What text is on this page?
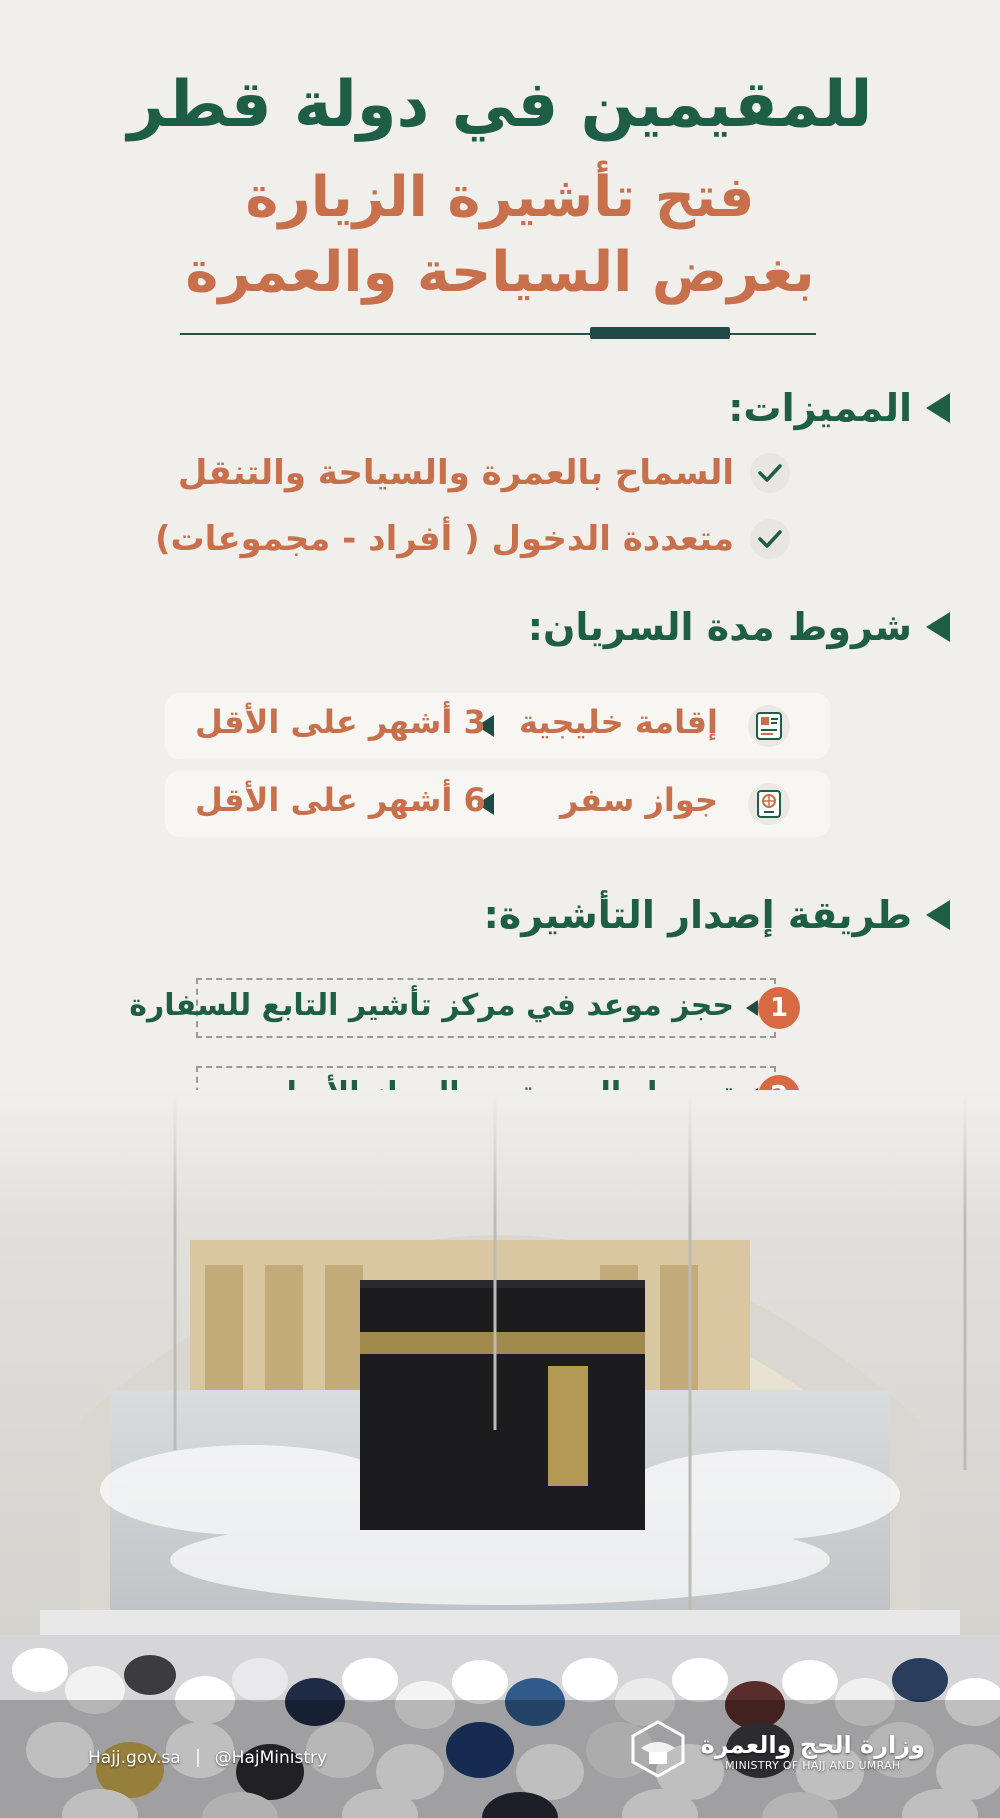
للمقيمين في دولة قطر
فتح تأشيرة الزيارة
بغرض السياحة والعمرة
المميزات:
السماح بالعمرة والسياحة والتنقل
متعددة الدخول ( أفراد - مجموعات)
شروط مدة السريان:
إقامة خليجية
3 أشهر على الأقل
جواز سفر
6 أشهر على الأقل
طريقة إصدار التأشيرة:
1
حجز موعد في مركز تأشير التابع للسفارة
Hajj.gov.sa @HajMinistry	وزارة الحج والعمرة
MINISTRY OF HAJJ AND UMRAH
